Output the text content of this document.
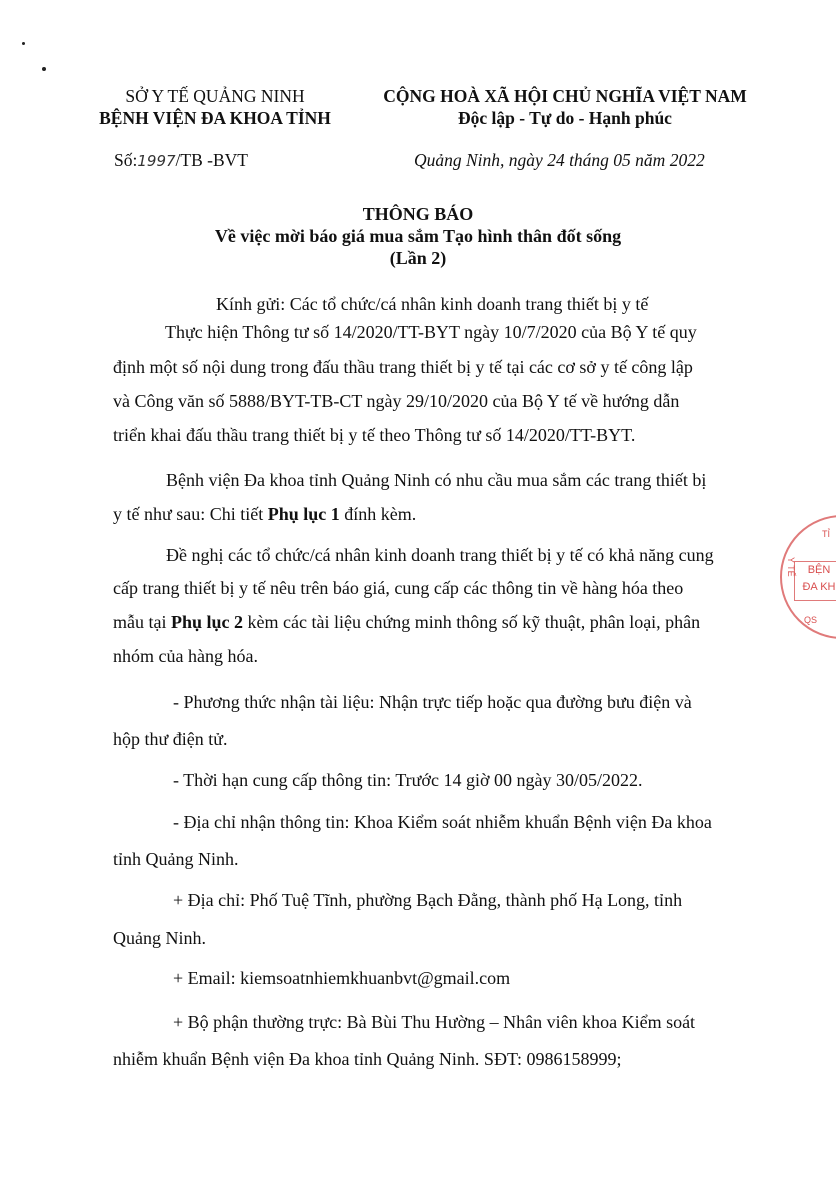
SỞ Y TẾ QUẢNG NINH
BỆNH VIỆN ĐA KHOA TỈNH
CỘNG HOÀ XÃ HỘI CHỦ NGHĨA VIỆT NAM
Độc lập - Tự do - Hạnh phúc
Số:1997/TB -BVT	Quảng Ninh, ngày 24 tháng 05 năm 2022
THÔNG BÁO
Về việc mời báo giá mua sắm Tạo hình thân đốt sống
(Lần 2)
Kính gửi: Các tổ chức/cá nhân kinh doanh trang thiết bị y tế
Thực hiện Thông tư số 14/2020/TT-BYT ngày 10/7/2020 của Bộ Y tế quy
định một số nội dung trong đấu thầu trang thiết bị y tế tại các cơ sở y tế công lập
và Công văn số 5888/BYT-TB-CT ngày 29/10/2020 của Bộ Y tế về hướng dẫn
triển khai đấu thầu trang thiết bị y tế theo Thông tư số 14/2020/TT-BYT.
Bệnh viện Đa khoa tỉnh Quảng Ninh có nhu cầu mua sắm các trang thiết bị
y tế như sau: Chi tiết Phụ lục 1 đính kèm.
Đề nghị các tổ chức/cá nhân kinh doanh trang thiết bị y tế có khả năng cung
cấp trang thiết bị y tế nêu trên báo giá, cung cấp các thông tin về hàng hóa theo
mẫu tại Phụ lục 2 kèm các tài liệu chứng minh thông số kỹ thuật, phân loại, phân
nhóm của hàng hóa.
- Phương thức nhận tài liệu: Nhận trực tiếp hoặc qua đường bưu điện và
hộp thư điện tử.
- Thời hạn cung cấp thông tin: Trước 14 giờ 00 ngày 30/05/2022.
- Địa chỉ nhận thông tin: Khoa Kiểm soát nhiễm khuẩn Bệnh viện Đa khoa
tỉnh Quảng Ninh.
+ Địa chỉ: Phố Tuệ Tĩnh, phường Bạch Đằng, thành phố Hạ Long, tỉnh
Quảng Ninh.
+ Email: kiemsoatnhiemkhuanbvt@gmail.com
+ Bộ phận thường trực: Bà Bùi Thu Hường – Nhân viên khoa Kiểm soát
nhiễm khuẩn Bệnh viện Đa khoa tỉnh Quảng Ninh. SĐT: 0986158999;
BỆN
ĐA KH
TỈ
Y TẾ
QS
